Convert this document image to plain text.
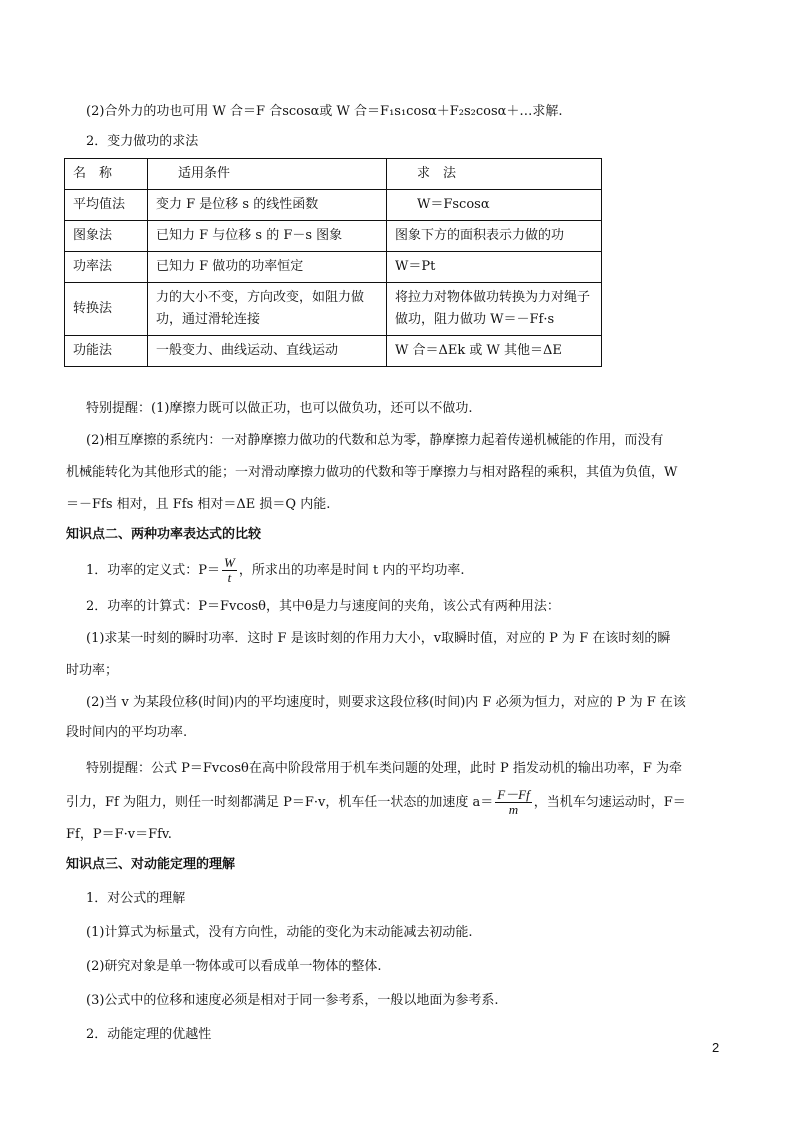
(2)合外力的功也可用 W 合＝F 合scosα或 W 合＝F₁s₁cosα＋F₂s₂cosα＋…求解.
2．变力做功的求法
名　称	适用条件	求　法
平均值法	变力 F 是位移 s 的线性函数	W＝Fscosα
图象法	已知力 F 与位移 s 的 F－s 图象	图象下方的面积表示力做的功
功率法	已知力 F 做功的功率恒定	W＝Pt
转换法	力的大小不变，方向改变，如阻力做功，通过滑轮连接	将拉力对物体做功转换为力对绳子做功，阻力做功 W＝－Ff·s
功能法	一般变力、曲线运动、直线运动	W 合＝ΔEk 或 W 其他＝ΔE
特别提醒：(1)摩擦力既可以做正功，也可以做负功，还可以不做功.
(2)相互摩擦的系统内：一对静摩擦力做功的代数和总为零，静摩擦力起着传递机械能的作用，而没有
机械能转化为其他形式的能；一对滑动摩擦力做功的代数和等于摩擦力与相对路程的乘积，其值为负值，W
＝－Ffs 相对，且 Ffs 相对＝ΔE 损＝Q 内能.
知识点二、两种功率表达式的比较
1．功率的定义式：$P= \frac{W}{t}$ ，所求出的功率是时间 t 内的平均功率.
2．功率的计算式：P＝Fvcosθ，其中θ是力与速度间的夹角，该公式有两种用法：
(1)求某一时刻的瞬时功率．这时 F 是该时刻的作用力大小，v取瞬时值，对应的 P 为 F 在该时刻的瞬
时功率；
(2)当 v 为某段位移(时间)内的平均速度时，则要求这段位移(时间)内 F 必须为恒力，对应的 P 为 F 在该
段时间内的平均功率.
特别提醒：公式 P＝Fvcosθ在高中阶段常用于机车类问题的处理，此时 P 指发动机的输出功率，F 为牵
引力，Ff 为阻力，则任一时刻都满足 P＝F·v，机车任一状态的加速度 $a= \frac{F-Ff}{m}$ ，当机车匀速运动时，F＝
Ff，P＝F·v＝Ffv.
知识点三、对动能定理的理解
1．对公式的理解
(1)计算式为标量式，没有方向性，动能的变化为末动能减去初动能.
(2)研究对象是单一物体或可以看成单一物体的整体.
(3)公式中的位移和速度必须是相对于同一参考系，一般以地面为参考系.
2．动能定理的优越性
2
